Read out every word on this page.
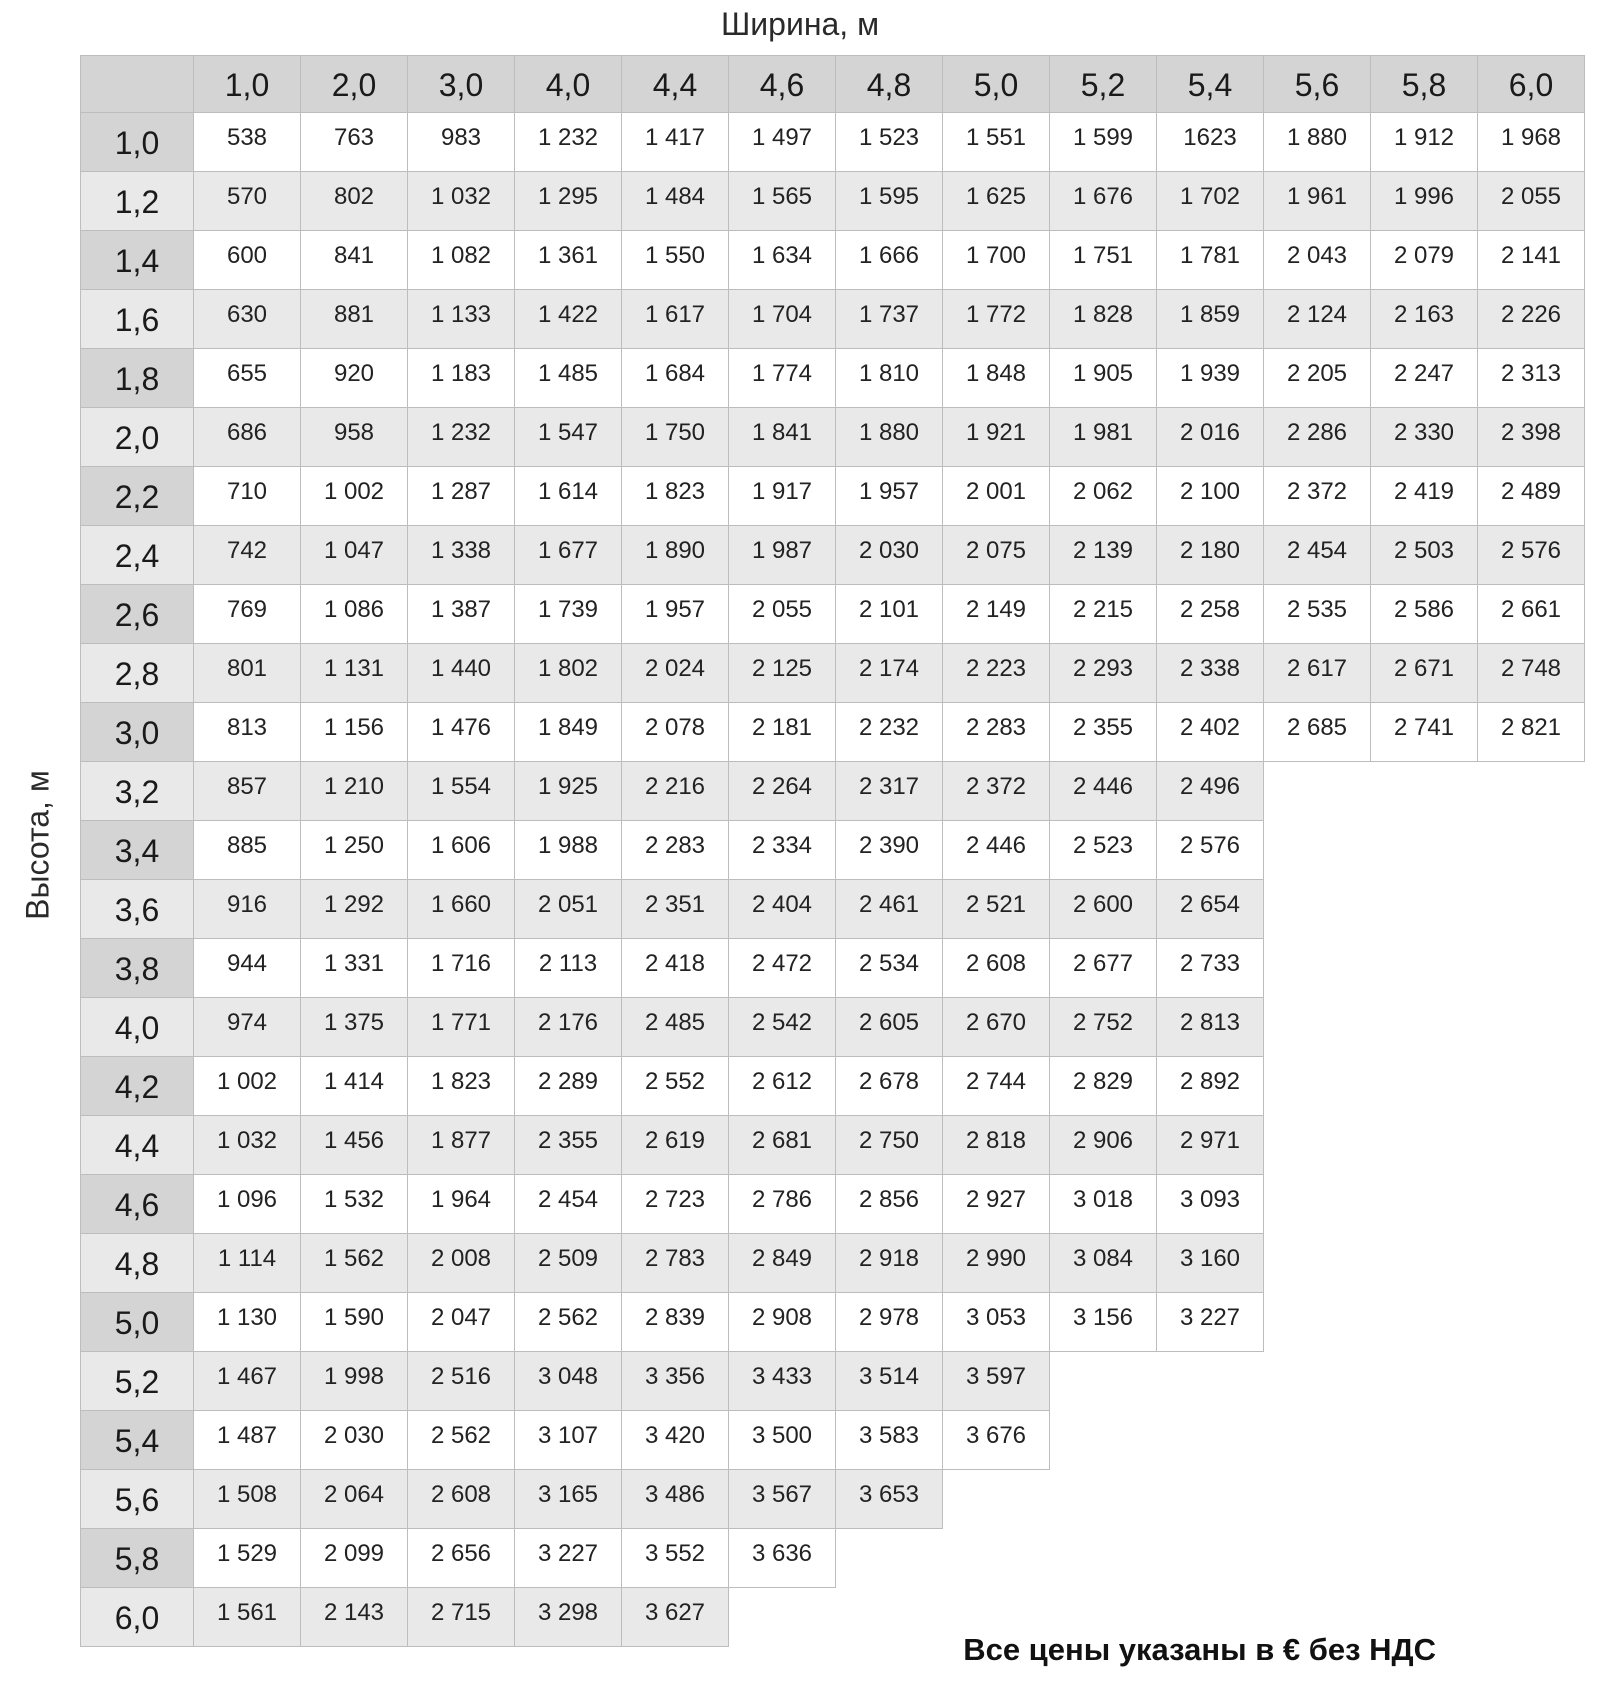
Ширина, м
Высота, м
1,0	2,0	3,0	4,0	4,4	4,6	4,8	5,0	5,2	5,4	5,6	5,8	6,0
1,0	538	763	983	1 232	1 417	1 497	1 523	1 551	1 599	1623	1 880	1 912	1 968
1,2	570	802	1 032	1 295	1 484	1 565	1 595	1 625	1 676	1 702	1 961	1 996	2 055
1,4	600	841	1 082	1 361	1 550	1 634	1 666	1 700	1 751	1 781	2 043	2 079	2 141
1,6	630	881	1 133	1 422	1 617	1 704	1 737	1 772	1 828	1 859	2 124	2 163	2 226
1,8	655	920	1 183	1 485	1 684	1 774	1 810	1 848	1 905	1 939	2 205	2 247	2 313
2,0	686	958	1 232	1 547	1 750	1 841	1 880	1 921	1 981	2 016	2 286	2 330	2 398
2,2	710	1 002	1 287	1 614	1 823	1 917	1 957	2 001	2 062	2 100	2 372	2 419	2 489
2,4	742	1 047	1 338	1 677	1 890	1 987	2 030	2 075	2 139	2 180	2 454	2 503	2 576
2,6	769	1 086	1 387	1 739	1 957	2 055	2 101	2 149	2 215	2 258	2 535	2 586	2 661
2,8	801	1 131	1 440	1 802	2 024	2 125	2 174	2 223	2 293	2 338	2 617	2 671	2 748
3,0	813	1 156	1 476	1 849	2 078	2 181	2 232	2 283	2 355	2 402	2 685	2 741	2 821
3,2	857	1 210	1 554	1 925	2 216	2 264	2 317	2 372	2 446	2 496
3,4	885	1 250	1 606	1 988	2 283	2 334	2 390	2 446	2 523	2 576
3,6	916	1 292	1 660	2 051	2 351	2 404	2 461	2 521	2 600	2 654
3,8	944	1 331	1 716	2 113	2 418	2 472	2 534	2 608	2 677	2 733
4,0	974	1 375	1 771	2 176	2 485	2 542	2 605	2 670	2 752	2 813
4,2	1 002	1 414	1 823	2 289	2 552	2 612	2 678	2 744	2 829	2 892
4,4	1 032	1 456	1 877	2 355	2 619	2 681	2 750	2 818	2 906	2 971
4,6	1 096	1 532	1 964	2 454	2 723	2 786	2 856	2 927	3 018	3 093
4,8	1 114	1 562	2 008	2 509	2 783	2 849	2 918	2 990	3 084	3 160
5,0	1 130	1 590	2 047	2 562	2 839	2 908	2 978	3 053	3 156	3 227
5,2	1 467	1 998	2 516	3 048	3 356	3 433	3 514	3 597
5,4	1 487	2 030	2 562	3 107	3 420	3 500	3 583	3 676
5,6	1 508	2 064	2 608	3 165	3 486	3 567	3 653
5,8	1 529	2 099	2 656	3 227	3 552	3 636
6,0	1 561	2 143	2 715	3 298	3 627
Все цены указаны в € без НДС
